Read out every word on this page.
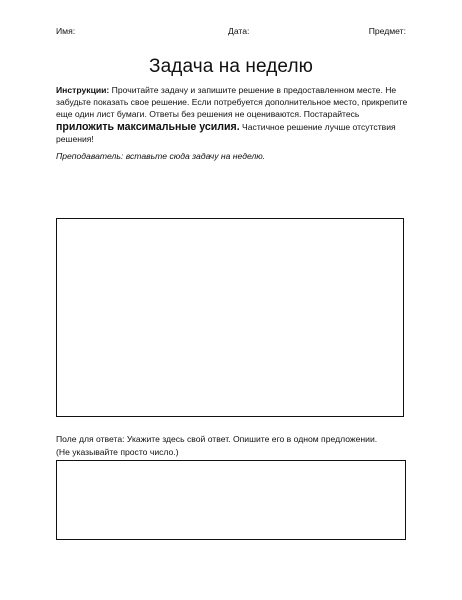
Имя:	Дата:	Предмет:
Задача на неделю
Инструкции: Прочитайте задачу и запишите решение в предоставленном месте. Не забудьте показать свое решение. Если потребуется дополнительное место, прикрепите еще один лист бумаги. Ответы без решения не оцениваются. Постарайтесь приложить максимальные усилия. Частичное решение лучше отсутствия решения!
Преподаватель: вставьте сюда задачу на неделю.
Поле для ответа: Укажите здесь свой ответ. Опишите его в одном предложении.
(Не указывайте просто число.)
